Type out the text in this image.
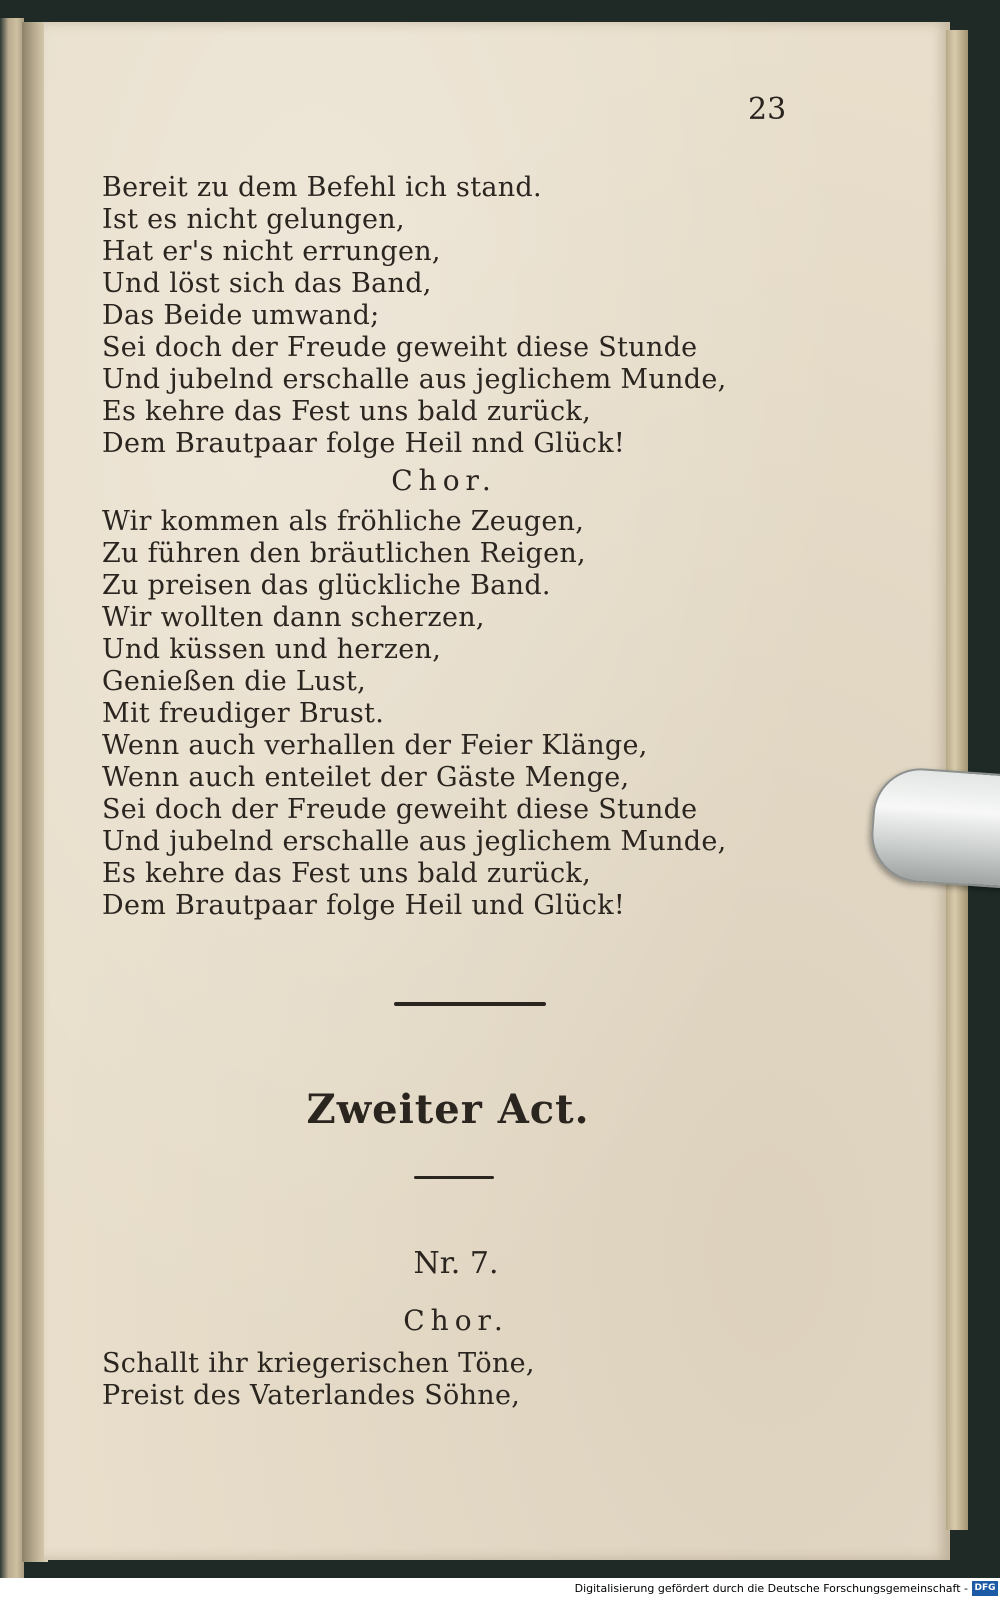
23
Bereit zu dem Befehl ich stand.
Ist es nicht gelungen,
Hat er's nicht errungen,
Und löst sich das Band,
Das Beide umwand;
Sei doch der Freude geweiht diese Stunde
Und jubelnd erschalle aus jeglichem Munde,
Es kehre das Fest uns bald zurück,
Dem Brautpaar folge Heil nnd Glück!
Chor.
Wir kommen als fröhliche Zeugen,
Zu führen den bräutlichen Reigen,
Zu preisen das glückliche Band.
Wir wollten dann scherzen,
Und küssen und herzen,
Genießen die Lust,
Mit freudiger Brust.
Wenn auch verhallen der Feier Klänge,
Wenn auch enteilet der Gäste Menge,
Sei doch der Freude geweiht diese Stunde
Und jubelnd erschalle aus jeglichem Munde,
Es kehre das Fest uns bald zurück,
Dem Brautpaar folge Heil und Glück!
Zweiter Act.
Nr. 7.
Chor.
Schallt ihr kriegerischen Töne,
Preist des Vaterlandes Söhne,
Digitalisierung gefördert durch die Deutsche Forschungsgemeinschaft - DFG
